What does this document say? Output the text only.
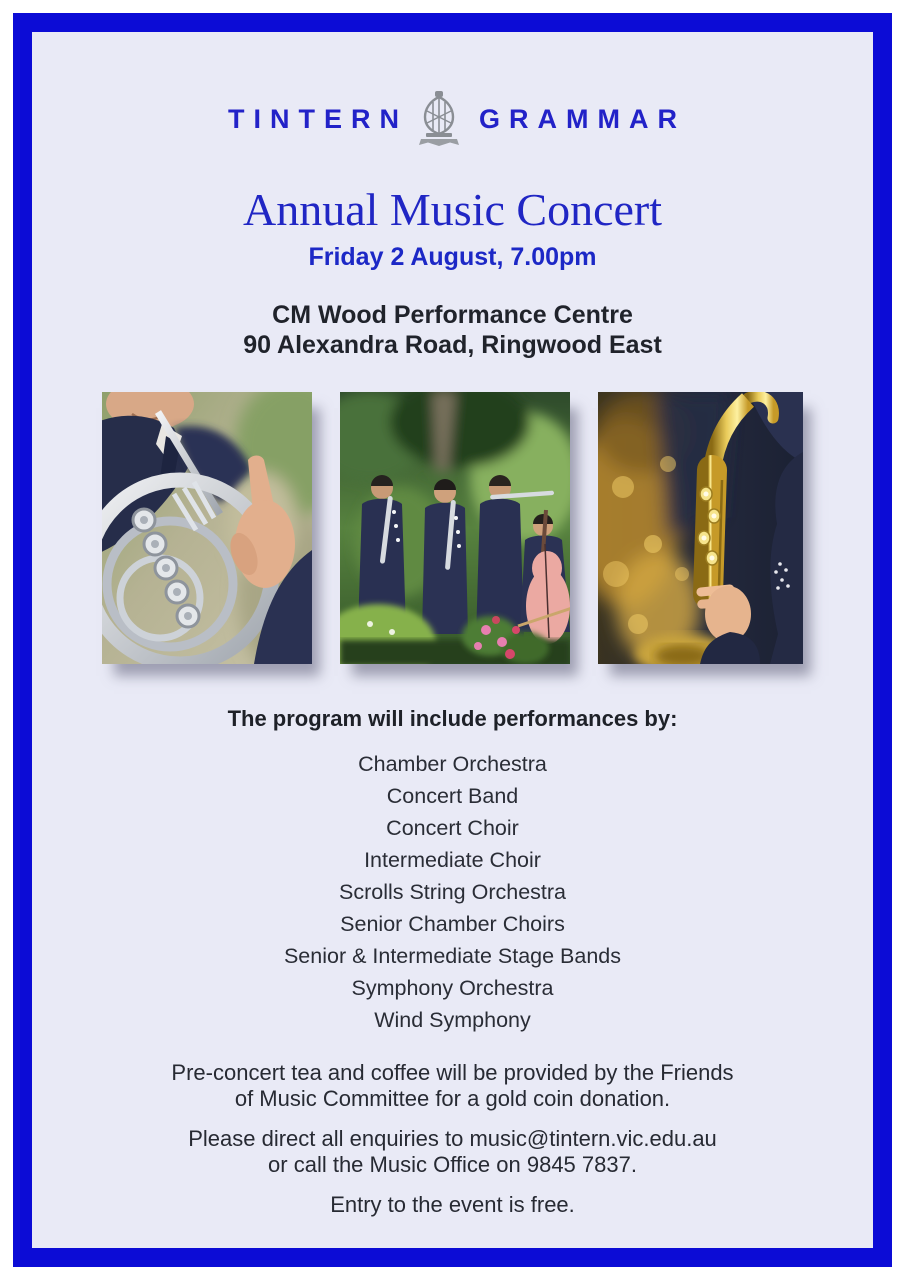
TINTERN	GRAMMAR
Annual Music Concert
Friday 2 August, 7.00pm
CM Wood Performance Centre
90 Alexandra Road, Ringwood East
The program will include performances by:
Chamber Orchestra
Concert Band
Concert Choir
Intermediate Choir
Scrolls String Orchestra
Senior Chamber Choirs
Senior & Intermediate Stage Bands
Symphony Orchestra
Wind Symphony
Pre-concert tea and coffee will be provided by the Friends
of Music Committee for a gold coin donation.
Please direct all enquiries to music@tintern.vic.edu.au
or call the Music Office on 9845 7837.
Entry to the event is free.
